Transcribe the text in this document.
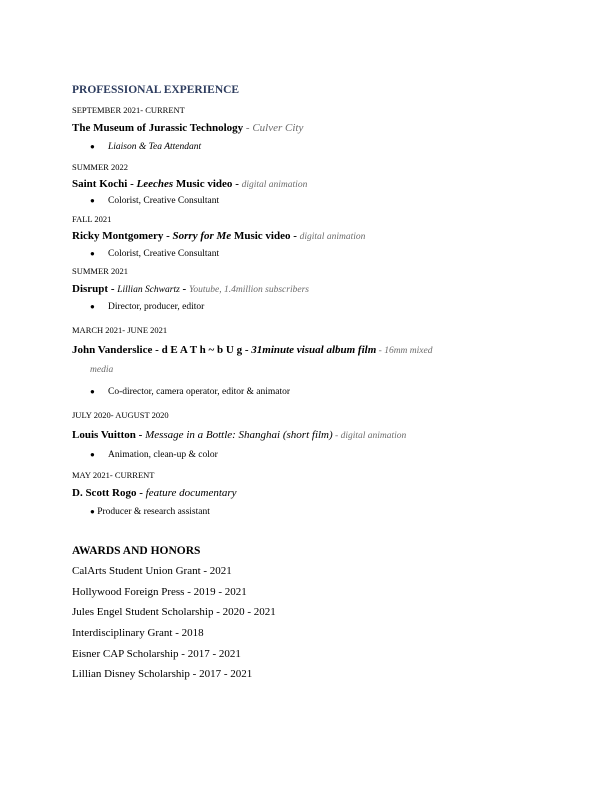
PROFESSIONAL EXPERIENCE
SEPTEMBER 2021- CURRENT
The Museum of Jurassic Technology - Culver City
● Liaison & Tea Attendant
SUMMER 2022
Saint Kochi - Leeches Music video - digital animation
● Colorist, Creative Consultant
FALL 2021
Ricky Montgomery - Sorry for Me Music video - digital animation
● Colorist, Creative Consultant
SUMMER 2021
Disrupt - Lillian Schwartz - Youtube, 1.4million subscribers
● Director, producer, editor
MARCH 2021- JUNE 2021
John Vanderslice - d E A T h ~ b U g - 31minute visual album film - 16mm mixed
media
● Co-director, camera operator, editor & animator
JULY 2020- AUGUST 2020
Louis Vuitton - Message in a Bottle: Shanghai (short film) - digital animation
● Animation, clean-up & color
MAY 2021- CURRENT
D. Scott Rogo - feature documentary
● Producer & research assistant
AWARDS AND HONORS
CalArts Student Union Grant - 2021
Hollywood Foreign Press - 2019 - 2021
Jules Engel Student Scholarship - 2020 - 2021
Interdisciplinary Grant - 2018
Eisner CAP Scholarship - 2017 - 2021
Lillian Disney Scholarship - 2017 - 2021
